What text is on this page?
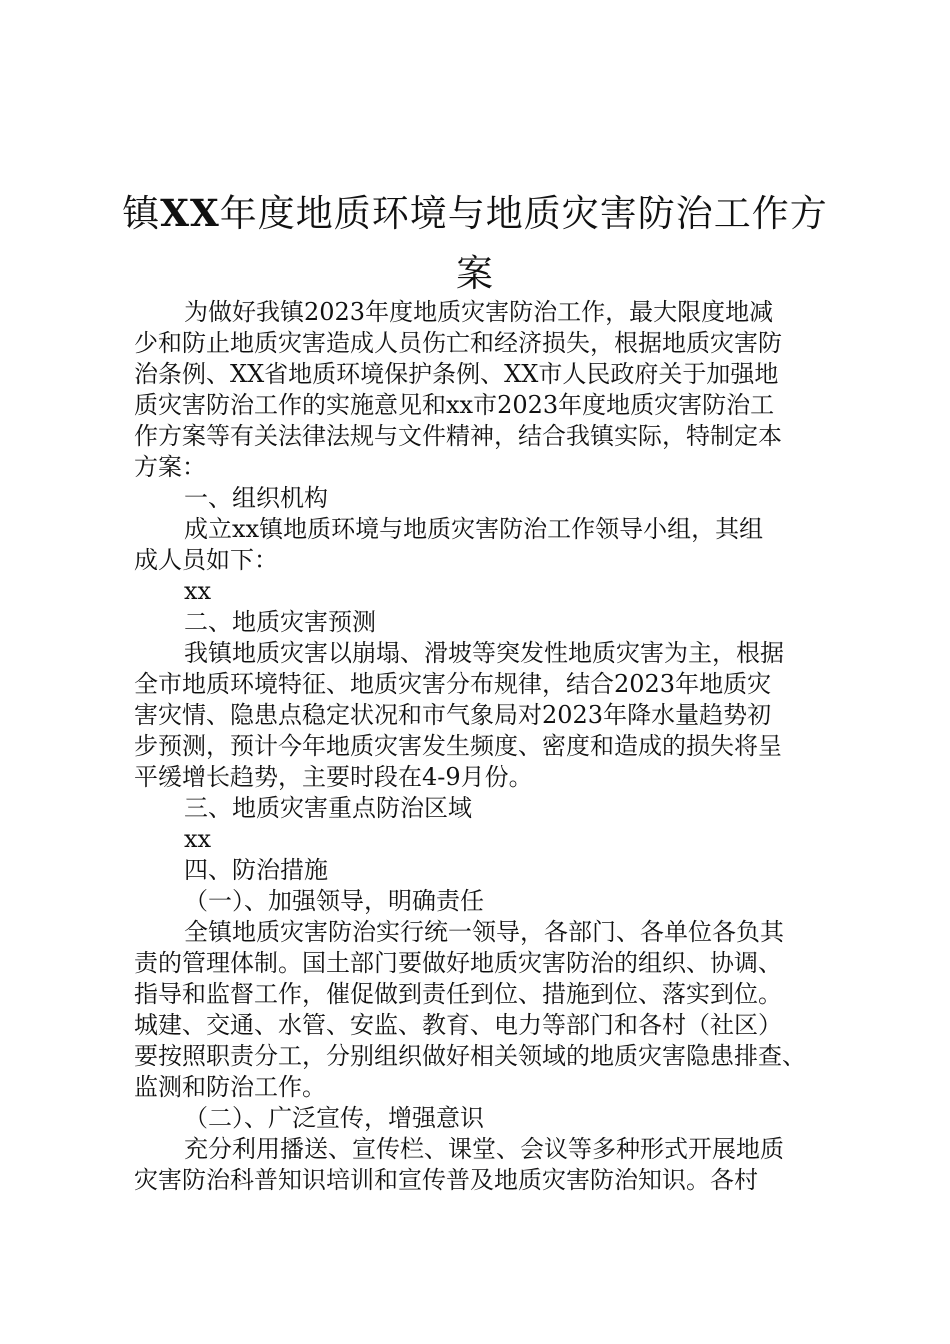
镇XX年度地质环境与地质灾害防治工作方
案

为做好我镇2023年度地质灾害防治工作，最大限度地减

少和防止地质灾害造成人员伤亡和经济损失，根据地质灾害防

治条例、XX省地质环境保护条例、XX市人民政府关于加强地

质灾害防治工作的实施意见和xx市2023年度地质灾害防治工

作方案等有关法律法规与文件精神，结合我镇实际，特制定本

方案：

一、组织机构

成立xx镇地质环境与地质灾害防治工作领导小组，其组

成人员如下：

xx

二、地质灾害预测

我镇地质灾害以崩塌、滑坡等突发性地质灾害为主，根据

全市地质环境特征、地质灾害分布规律，结合2023年地质灾

害灾情、隐患点稳定状况和市气象局对2023年降水量趋势初

步预测，预计今年地质灾害发生频度、密度和造成的损失将呈

平缓增长趋势，主要时段在4-9月份。

三、地质灾害重点防治区域

xx

四、防治措施

（一）、加强领导，明确责任

全镇地质灾害防治实行统一领导，各部门、各单位各负其

责的管理体制。国土部门要做好地质灾害防治的组织、协调、

指导和监督工作，催促做到责任到位、措施到位、落实到位。

城建、交通、水管、安监、教育、电力等部门和各村（社区）

要按照职责分工，分别组织做好相关领域的地质灾害隐患排查、

监测和防治工作。

（二）、广泛宣传，增强意识

充分利用播送、宣传栏、课堂、会议等多种形式开展地质

灾害防治科普知识培训和宣传普及地质灾害防治知识。各村
